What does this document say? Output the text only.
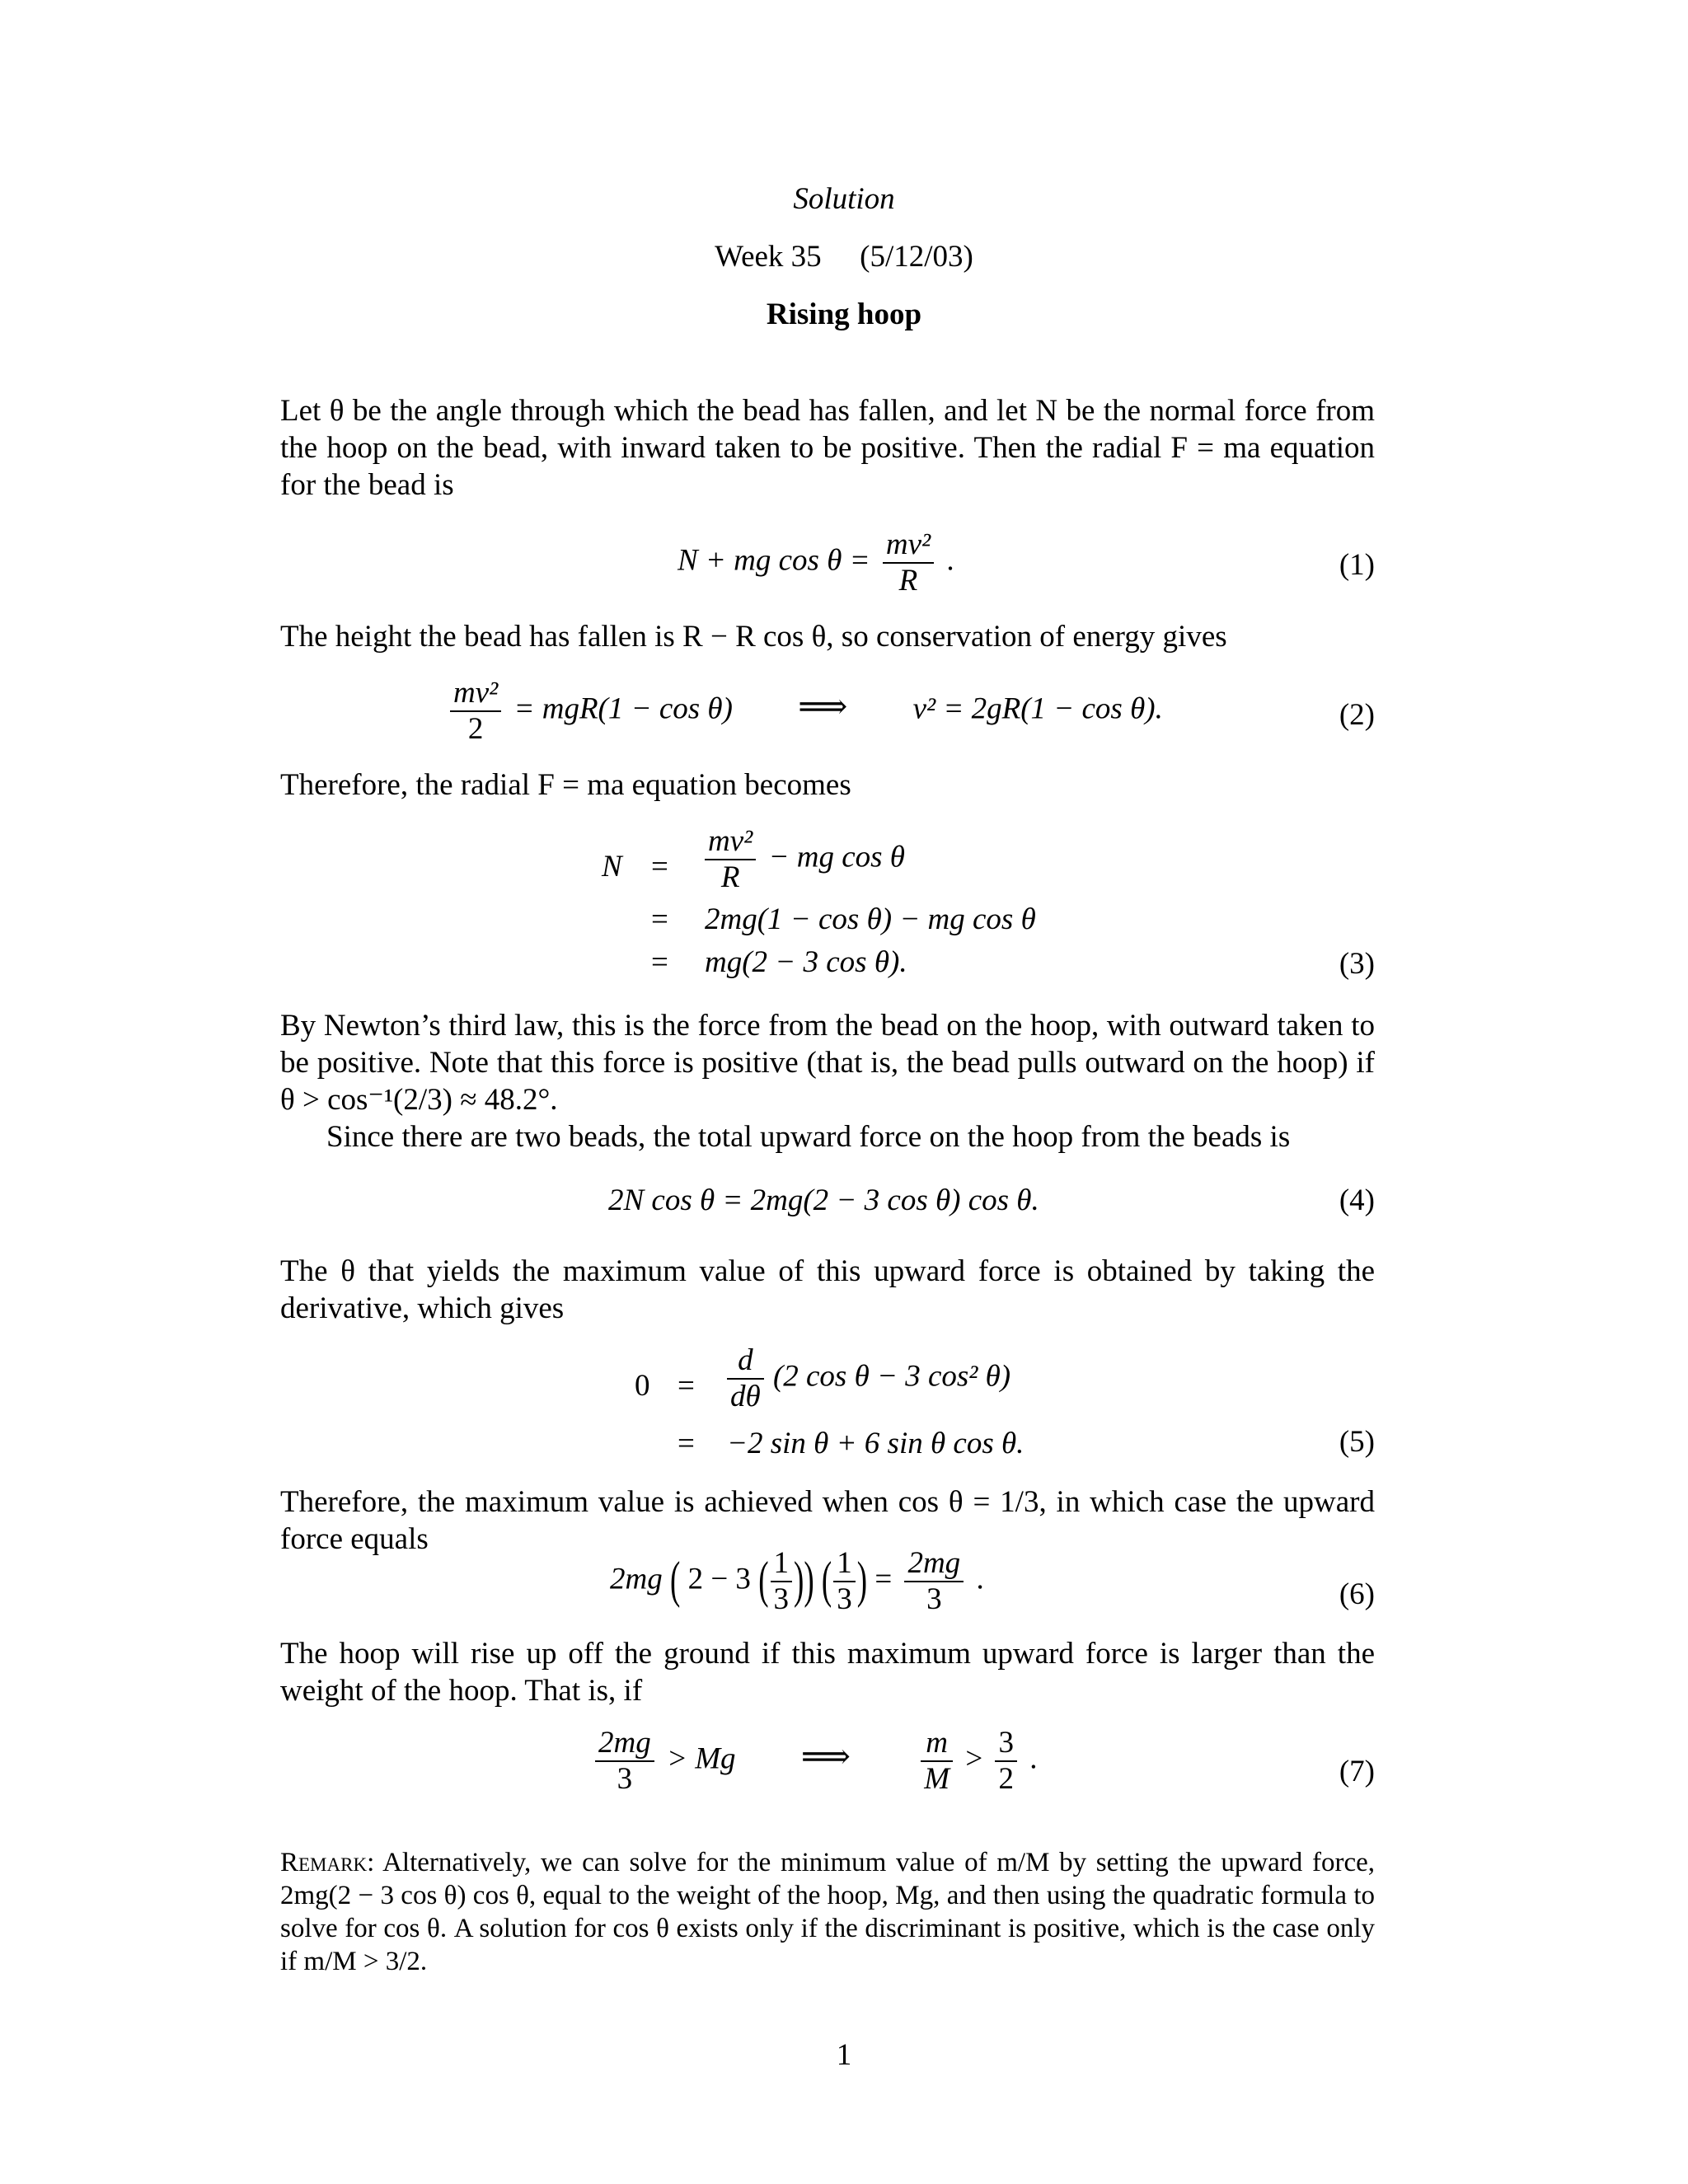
Solution
Week 35 (5/12/03)
Rising hoop

Let θ be the angle through which the bead has fallen, and let N be the normal force from the hoop on the bead, with inward taken to be positive. Then the radial F = ma equation for the bead is

N + mg $\cos \theta = \frac{\text{mv²}}{R}$ .	(1)

The height the bead has fallen is R − R cos θ, so conservation of energy gives

$\frac{\text{mv²}}{2} = mgR(1 - \cos \theta)$ ⟹ v² = 2gR(1 − cos θ).	(2)

Therefore, the radial F = ma equation becomes

$N = \frac{\text{mv²}}{R}$ − mg cos θ
= 2mg(1 − cos θ) − mg cos θ
= mg(2 − 3 cos θ).	(3)

By Newton’s third law, this is the force from the bead on the hoop, with outward taken to be positive. Note that this force is positive (that is, the bead pulls outward on the hoop) if θ > cos⁻¹(2/3) ≈ 48.2°.

Since there are two beads, the total upward force on the hoop from the beads is

2N cos θ = 2mg(2 − 3 cos θ) cos θ.	(4)

The θ that yields the maximum value of this upward force is obtained by taking the derivative, which gives

$0 = \frac{d}{d\theta} (2$ cos θ − 3 cos² θ)
= −2 sin θ + 6 sin θ cos θ.	(5)

Therefore, the maximum value is achieved when cos θ = 1/3, in which case the upward force equals

2mg ( 2 − 3 ( $\frac{1}{3}$ )) ( $\frac{1}{3}$ ) = $\frac{2mg}{3}$ .	(6)

The hoop will rise up off the ground if this maximum upward force is larger than the weight of the hoop. That is, if

$\frac{2mg}{3} > Mg$ ⟹ $\frac{m}{M} > \frac{3}{2}$ .	(7)
Remark: Alternatively, we can solve for the minimum value of m/M by setting the upward force, 2mg(2 − 3 cos θ) cos θ, equal to the weight of the hoop, Mg, and then using the quadratic formula to solve for cos θ. A solution for cos θ exists only if the discriminant is positive, which is the case only if m/M > 3/2.
1
